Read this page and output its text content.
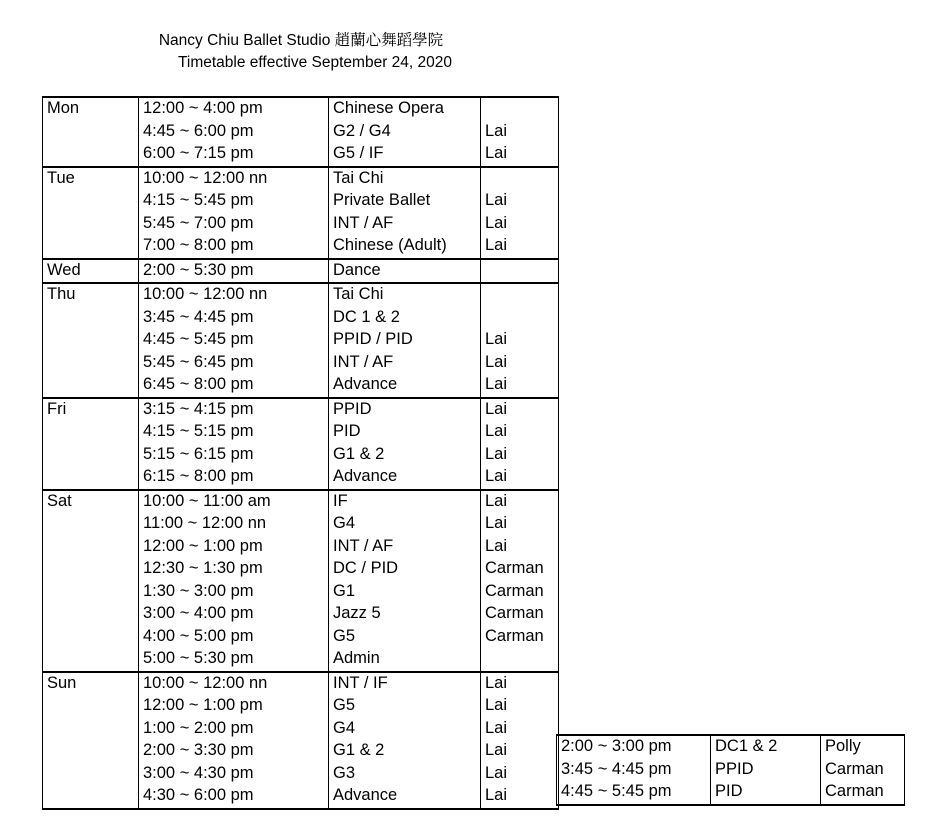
Nancy Chiu Ballet Studio 趙蘭心舞蹈學院
Timetable effective September 24, 2020
Mon	12:00 ~ 4:00 pm	Chinese Opera	
	4:45 ~ 6:00 pm	G2 / G4	Lai
	6:00 ~ 7:15 pm	G5 / IF	Lai
Tue	10:00 ~ 12:00 nn	Tai Chi	
	4:15 ~ 5:45 pm	Private Ballet	Lai
	5:45 ~ 7:00 pm	INT / AF	Lai
	7:00 ~ 8:00 pm	Chinese (Adult)	Lai
Wed	2:00 ~ 5:30 pm	Dance	
Thu	10:00 ~ 12:00 nn	Tai Chi	
	3:45 ~ 4:45 pm	DC 1 & 2	
	4:45 ~ 5:45 pm	PPID / PID	Lai
	5:45 ~ 6:45 pm	INT / AF	Lai
	6:45 ~ 8:00 pm	Advance	Lai
Fri	3:15 ~ 4:15 pm	PPID	Lai
	4:15 ~ 5:15 pm	PID	Lai
	5:15 ~ 6:15 pm	G1 & 2	Lai
	6:15 ~ 8:00 pm	Advance	Lai
Sat	10:00 ~ 11:00 am	IF	Lai
	11:00 ~ 12:00 nn	G4	Lai
	12:00 ~ 1:00 pm	INT / AF	Lai
	12:30 ~ 1:30 pm	DC / PID	Carman
	1:30 ~ 3:00 pm	G1	Carman
	3:00 ~ 4:00 pm	Jazz 5	Carman
	4:00 ~ 5:00 pm	G5	Carman
	5:00 ~ 5:30 pm	Admin	
Sun	10:00 ~ 12:00 nn	INT / IF	Lai
	12:00 ~ 1:00 pm	G5	Lai
	1:00 ~ 2:00 pm	G4	Lai
	2:00 ~ 3:30 pm	G1 & 2	Lai
	3:00 ~ 4:30 pm	G3	Lai
	4:30 ~ 6:00 pm	Advance	Lai
2:00 ~ 3:00 pm	DC1 & 2	Polly
3:45 ~ 4:45 pm	PPID	Carman
4:45 ~ 5:45 pm	PID	Carman
